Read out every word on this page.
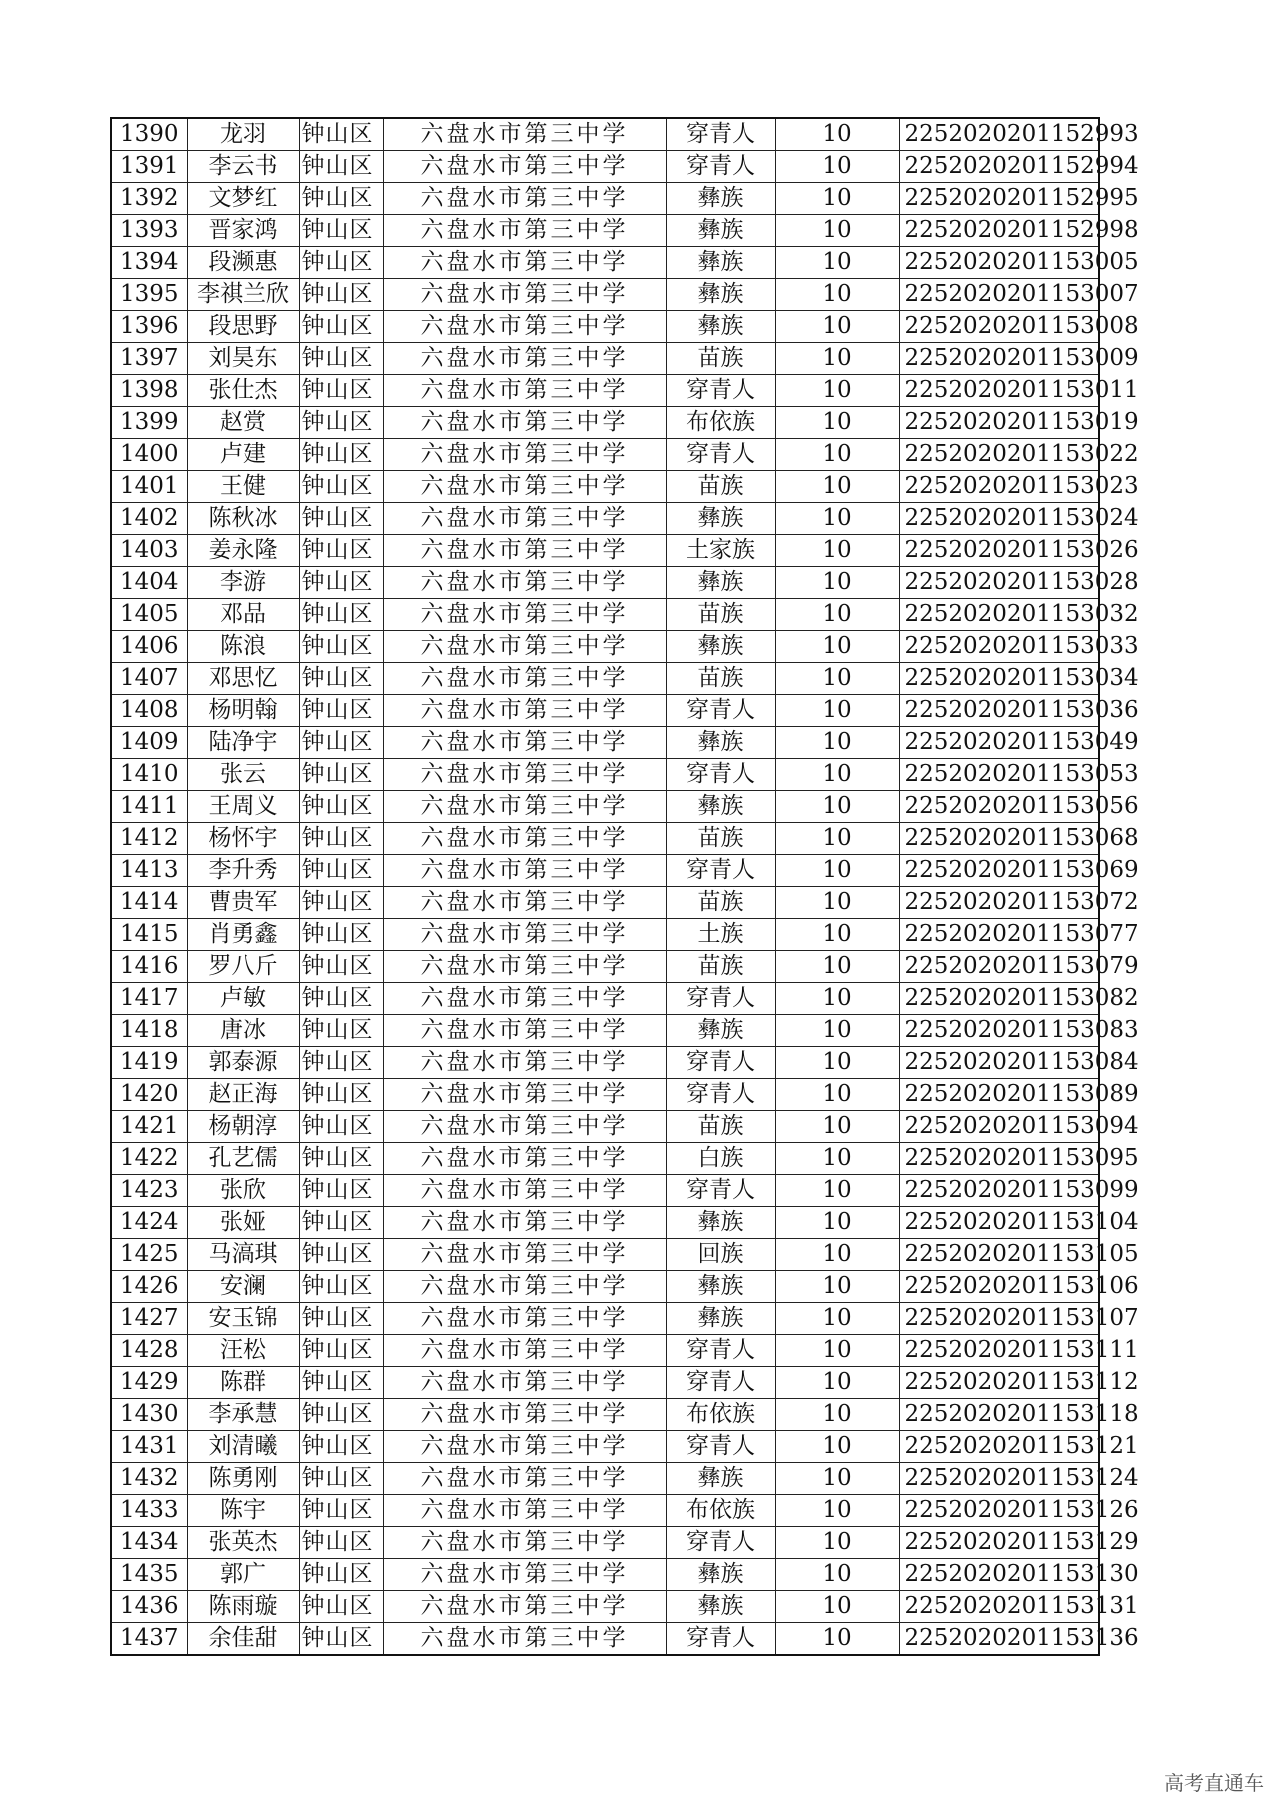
1390	龙羽	钟山区	六盘水市第三中学	穿青人	10	2252020201152993
1391	李云书	钟山区	六盘水市第三中学	穿青人	10	2252020201152994
1392	文梦红	钟山区	六盘水市第三中学	彝族	10	2252020201152995
1393	晋家鸿	钟山区	六盘水市第三中学	彝族	10	2252020201152998
1394	段濒惠	钟山区	六盘水市第三中学	彝族	10	2252020201153005
1395	李祺兰欣	钟山区	六盘水市第三中学	彝族	10	2252020201153007
1396	段思野	钟山区	六盘水市第三中学	彝族	10	2252020201153008
1397	刘昊东	钟山区	六盘水市第三中学	苗族	10	2252020201153009
1398	张仕杰	钟山区	六盘水市第三中学	穿青人	10	2252020201153011
1399	赵赏	钟山区	六盘水市第三中学	布依族	10	2252020201153019
1400	卢建	钟山区	六盘水市第三中学	穿青人	10	2252020201153022
1401	王健	钟山区	六盘水市第三中学	苗族	10	2252020201153023
1402	陈秋冰	钟山区	六盘水市第三中学	彝族	10	2252020201153024
1403	姜永隆	钟山区	六盘水市第三中学	土家族	10	2252020201153026
1404	李游	钟山区	六盘水市第三中学	彝族	10	2252020201153028
1405	邓品	钟山区	六盘水市第三中学	苗族	10	2252020201153032
1406	陈浪	钟山区	六盘水市第三中学	彝族	10	2252020201153033
1407	邓思忆	钟山区	六盘水市第三中学	苗族	10	2252020201153034
1408	杨明翰	钟山区	六盘水市第三中学	穿青人	10	2252020201153036
1409	陆净宇	钟山区	六盘水市第三中学	彝族	10	2252020201153049
1410	张云	钟山区	六盘水市第三中学	穿青人	10	2252020201153053
1411	王周义	钟山区	六盘水市第三中学	彝族	10	2252020201153056
1412	杨怀宇	钟山区	六盘水市第三中学	苗族	10	2252020201153068
1413	李升秀	钟山区	六盘水市第三中学	穿青人	10	2252020201153069
1414	曹贵军	钟山区	六盘水市第三中学	苗族	10	2252020201153072
1415	肖勇鑫	钟山区	六盘水市第三中学	土族	10	2252020201153077
1416	罗八斤	钟山区	六盘水市第三中学	苗族	10	2252020201153079
1417	卢敏	钟山区	六盘水市第三中学	穿青人	10	2252020201153082
1418	唐冰	钟山区	六盘水市第三中学	彝族	10	2252020201153083
1419	郭泰源	钟山区	六盘水市第三中学	穿青人	10	2252020201153084
1420	赵正海	钟山区	六盘水市第三中学	穿青人	10	2252020201153089
1421	杨朝淳	钟山区	六盘水市第三中学	苗族	10	2252020201153094
1422	孔艺儒	钟山区	六盘水市第三中学	白族	10	2252020201153095
1423	张欣	钟山区	六盘水市第三中学	穿青人	10	2252020201153099
1424	张娅	钟山区	六盘水市第三中学	彝族	10	2252020201153104
1425	马滈琪	钟山区	六盘水市第三中学	回族	10	2252020201153105
1426	安澜	钟山区	六盘水市第三中学	彝族	10	2252020201153106
1427	安玉锦	钟山区	六盘水市第三中学	彝族	10	2252020201153107
1428	汪松	钟山区	六盘水市第三中学	穿青人	10	2252020201153111
1429	陈群	钟山区	六盘水市第三中学	穿青人	10	2252020201153112
1430	李承慧	钟山区	六盘水市第三中学	布依族	10	2252020201153118
1431	刘清曦	钟山区	六盘水市第三中学	穿青人	10	2252020201153121
1432	陈勇刚	钟山区	六盘水市第三中学	彝族	10	2252020201153124
1433	陈宇	钟山区	六盘水市第三中学	布依族	10	2252020201153126
1434	张英杰	钟山区	六盘水市第三中学	穿青人	10	2252020201153129
1435	郭广	钟山区	六盘水市第三中学	彝族	10	2252020201153130
1436	陈雨璇	钟山区	六盘水市第三中学	彝族	10	2252020201153131
1437	余佳甜	钟山区	六盘水市第三中学	穿青人	10	2252020201153136
高考直通车
